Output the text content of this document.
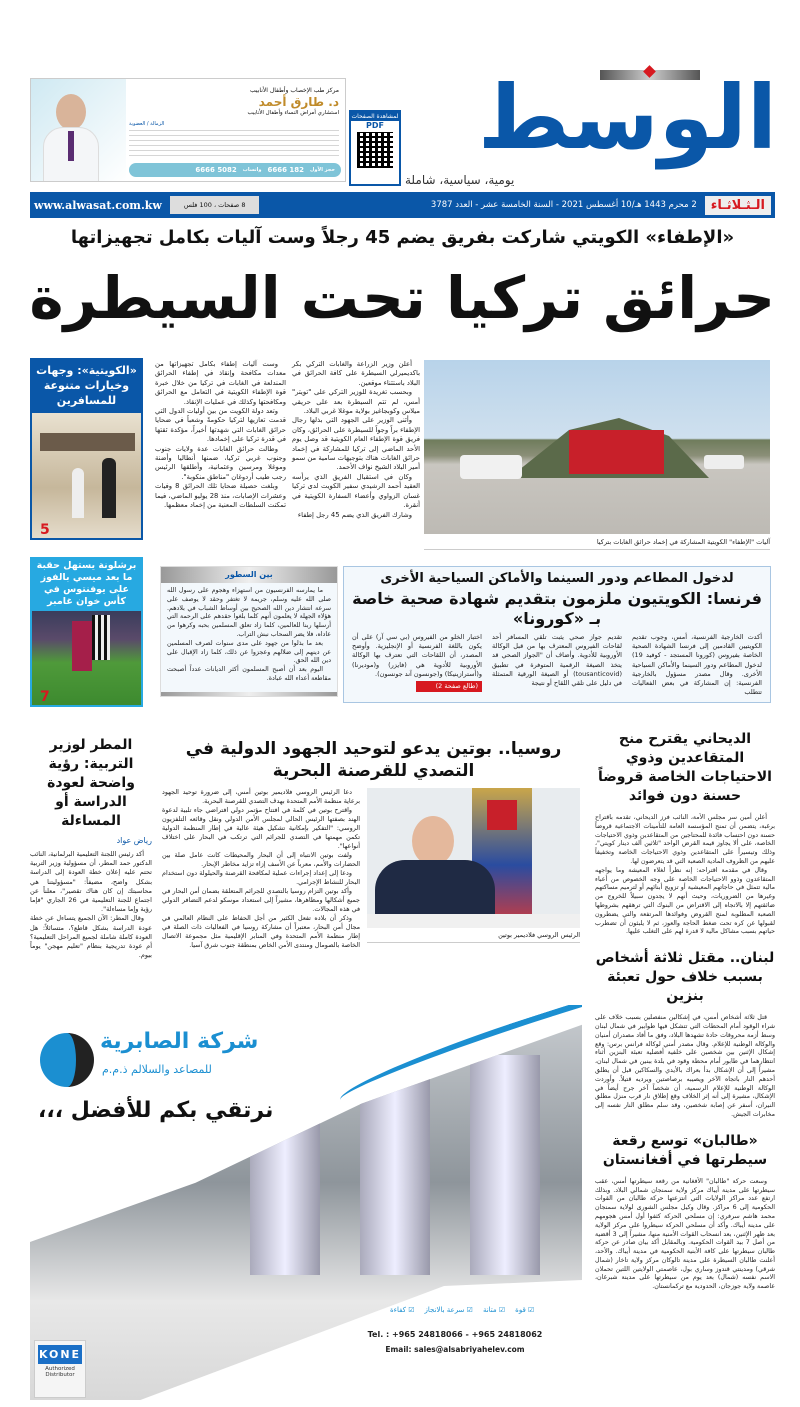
الوسط
يومية، سياسية، شاملة
مركز طب الإخصاب وأطفال الأنابيب
د. طارق أحمد
استشاري أمراض النساء وأطفال الأنابيب
الزمالة / العضوية
حجز الأول
182 6666
واتساب
5082 6666
لمشاهدة الصفحات
PDF
www.alwasat.com.kw	8 صفحات ، 100 فلس	2 محرم 1443 هـ/10 أغسطس 2021 - السنة الخامسة عشر - العدد 3787	الـثـلاثـاء
«الإطفاء» الكويتي شاركت بفريق يضم 45 رجلاً وست آليات بكامل تجهيزاتها
حرائق تركيا تحت السيطرة
آليات "الإطفاء" الكويتية المشاركة في إخماد حرائق الغابات بتركيا

أعلن وزير الزراعة والغابات التركي بكر باكديميرلي السيطرة على كافة الحرائق في البلاد باستثناء موقعين.

وبحسب تغريدة للوزير التركي على "تويتر" أمس، لم تتم السيطرة بعد على حريقي ميلاس وكوبجاغيز بولاية موغلا غربي البلاد.

وأثنى الوزير على الجهود التي بذلها رجال الإطفاء براً وجواً للسيطرة على الحرائق، وكان فريق قوة الإطفاء العام الكويتية قد وصل يوم الأحد الماضي إلى تركيا للمشاركة في إخماد حرائق الغابات هناك بتوجيهات سامية من سمو أمير البلاد الشيخ نواف الأحمد.

وكان في استقبال الفريق الذي يرأسه العقيد أحمد الرشيدي سفير الكويت لدى تركيا غسان الزواوي وأعضاء السفارة الكويتية في أنقرة.

وشارك الفريق الذي يضم 45 رجل إطفاء

وست آليات إطفاء بكامل تجهيزاتها من معدات مكافحة وإنقاذ في إطفاء الحرائق المندلعة في الغابات في تركيا من خلال خبرة قوة الإطفاء الكويتية في التعامل مع الحرائق ومكافحتها وكذلك في عمليات الإنقاذ.

وتعد دولة الكويت من بين أوليات الدول التي قدمت تعازيها لتركيا حكومةً وشعباً في ضحايا حرائق الغابات التي شهدتها أخيراً، مؤكدة ثقتها في قدرة تركيا على إخمادها.

وطالت حرائق الغابات عدة ولايات جنوب وجنوب غربي تركيا، ضمنها أنطاليا وأضنة وموغلا ومرسين وعثمانية، وأطلقها الرئيس رجب طيب أردوغان "مناطق منكوبة".

وبلغت حصيلة ضحايا تلك الحرائق 8 وفيات وعشرات الإصابات، منذ 28 يوليو الماضي، فيما تمكنت السلطات المعنية من إخماد معظمها.

«الكويتية»: وجهات وخيارات متنوعة للمسافرين
5
برشلونة يستهل حقبة ما بعد ميسي بالفوز على يوفنتوس في كأس خوان غامبر
7
بين السطور

ما يمارسه الفرنسيون من استهزاء وهجوم على رسول الله صلى الله عليه وسلم، جريمة لا تغتفر وحقد لا يوصف على سرعة انتشار دين الله الصحيح بين أوساط الشباب في بلادهم. هؤلاء الجهلة لا يعلمون أنهم كلما بلغوا حقدهم على الرحمة التي أرسلها ربنا للعالمين، كلما زاد تعلق المسلمين بحبه وكرهوا من عاداه، فلا يضر السحاب نبش التراب.

بعد ما بذلوا من جهود على مدى سنوات لصرف المسلمين عن دينهم إلى ضلالهم وعجزوا عن ذلك، كلما زاد الإقبال على دين الله الحق.

اليوم بعد أن أصبح المسلمون أكثر الديانات عدداً أصبحت مقاطعة أعداء الله عبادة.

لدخول المطاعم ودور السينما والأماكن السياحية الأخرى
فرنسا: الكويتيون ملزمون بتقديم شهادة صحية خاصة بـ «كورونا»
أكدت الخارجية الفرنسية، أمس، وجوب تقديم الكويتيين القادمين إلى فرنسا الشهادة الصحية الخاصة بفيروس (كورونا المستجد - كوفيد 19) لدخول المطاعم ودور السينما والأماكن السياحية الأخرى. وقال مصدر مسؤول بالخارجية الفرنسية: إن المشاركة في بعض الفعاليات تتطلب
تقديم جواز صحي يثبت تلقي المسافر أحد لقاحات الفيروس المعترف بها من قبل الوكالة الأوروبية للأدوية. وأضاف أن "الجواز الصحي قد يتخذ الصيغة الرقمية المتوفرة في تطبيق (tousanticovid) أو الصيغة الورقية المتمثلة في دليل على تلقي اللقاح أو نتيجة
اختبار الخلو من الفيروس (بي سي آر) على أن يكون باللغة الفرنسية أو الإنجليزية. وأوضح المصدر، أن اللقاحات التي تعترف بها الوكالة الأوروبية للأدوية هي (فايزر) و(موديرنا) و(أسترازينيكا) و(جونسون آند جونسون).
(طالع صفحة 2)
روسيا.. بوتين يدعو لتوحيد الجهود الدولية في التصدي للقرصنة البحرية

دعا الرئيس الروسي فلاديمير بوتين أمس، إلى ضرورة توحيد الجهود برعاية منظمة الأمم المتحدة بهدف التصدي للقرصنة البحرية.

واقترح بوتين في كلمة في افتتاح مؤتمر دولي افتراضي جاء تلبية لدعوة الهند بصفتها الرئيس الحالي لمجلس الأمن الدولي ونقل وقائعه التلفزيون الروسي: "التفكير بإمكانية تشكيل هيئة عالية في إطار المنظمة الدولية تكمن مهمتها في التصدي للجرائم التي ترتكب في البحار على اختلاف أنواعها".

ولفت بوتين الانتباه إلى أن البحار والمحيطات كانت عامل صلة بين الحضارات والأمم، معرباً عن الأسف إزاء تزايد مخاطر الإبحار.

ودعا إلى إعداد إجراءات عملية لمكافحة القرصنة والحيلولة دون استخدام البحار للنشاط الإجرامي.

وأكد بوتين التزام روسيا بالتصدي للجرائم المتعلقة بضمان أمن البحار في جميع أشكالها ومظاهرها، مشيراً إلى استعداد موسكو لدعم التضافر الدولي في هذه المجالات.

وذكر أن بلاده تفعل الكثير من أجل الحفاظ على النظام العالمي في مجال أمن البحار، معتبراً أن مشاركة روسيا في الفعاليات ذات الصلة في إطار منظمة الأمم المتحدة وفي المنابر الإقليمية مثل مجموعة الاتصال الخاصة بالصومال ومنتدى الأمن الخاص بمنطقة جنوب شرق آسيا.

الرئيس الروسي فلاديمير بوتين
المطر لوزير التربية: رؤية واضحة لعودة الدراسة أو المساءلة
رياض عواد

أكد رئيس اللجنة التعليمية البرلمانية، النائب الدكتور حمد المطر، أن مسؤولية وزير التربية تحتم عليه إعلان خطة العودة إلى الدراسة بشكل واضح، مضيفاً: "مسؤوليتنا هي محاسبتك إن كان هناك تقصير"، معلناً عن اجتماع للجنة التعليمية في 26 الجاري "فإما رؤية وإما مساءلة".

وقال المطر: الآن الجميع يتساءل عن خطة عودة الدراسة بشكل قاطع؟، متسائلاً: هل العودة كاملة شاملة لجميع المراحل التعليمية؟ أم عودة تدريجية بنظام "تعليم مهجن" يوماً بيوم.

الديحاني يقترح منح المتقاعدين وذوي الاحتياجات الخاصة قروضاً حسنة دون فوائد

أعلن أمين سر مجلس الأمة، النائب فرز الديحاني، تقدمه باقتراح برغبة، يتضمن أن تمنح المؤسسة العامة للتأمينات الاجتماعية قروضاً حسنة دون احتساب فائدة للمحتاجين من المتقاعدين وذوي الاحتياجات الخاصة، على ألا يجاوز قيمة القرض الواحد "ثلاثين ألف دينار كويتي"، وذلك وتيسيراً على المتقاعدين وذوي الاحتياجات الخاصة وتخفيفاً عليهم من الظروف المادية الصعبة التي قد يتعرضون لها.

وقال في مقدمة اقتراحه: إنه نظراً لغلاء المعيشة وما يواجهه المتقاعدون وذوو الاحتياجات الخاصة على وجه الخصوص من أعباء مالية تتمثل في حاجاتهم المعيشية أو تزويج أبنائهم أو لترميم مساكنهم وغيرها من الضروريات، وحيث أنهم لا يجدون سبيلاً للخروج من ضائقتهم إلا بالاتجاه إلى الاقتراض من البنوك التي ترهقهم بشروطها الصعبة المطلوبة لمنح القروض وفوائدها المرتفعة والتي يضطرون لقبولها عن كره تحت ضغط الحاجة والعوز، ثم لا يلبثون أن تضطرب حياتهم بسبب مشاكل مالية لا قدرة لهم على التغلب عليها.

لبنان.. مقتل ثلاثة أشخاص بسبب خلاف حول تعبئة بنزين

قتل ثلاثة أشخاص أمس، في إشكالين منفصلين بسبب خلاف على شراء الوقود أمام المحطات التي تتشكل فيها طوابير في شمال لبنان وسط أزمة محروقات حادة تشهدها البلاد، وفق ما أفاد مصدران أمنيان والوكالة الوطنية للإعلام. وقال مصدر أمني لوكالة فرانس برس: وقع إشكال الإثنين بين شخصين على خلفية أفضلية تعبئة البنزين أثناء انتظارهما في طابور أمام محطة وقود في بلدة ببنين في شمال لبنان، مشيراً إلى أن الإشكال بدأ بعراك بالأيدي والسكاكين قبل أن يطلق أحدهم النار باتجاه الآخر ويصيبه برصاصتين ويرديه قتيلاً. وأوردت الوكالة الوطنية للإعلام الرسمية، أن شخصاً آخر جرح أيضاً في الإشكال، مشيرة إلى أنه إثر الخلاف وقع إطلاق نار قرب منزل مطلق النيران، أسفر عن إصابة شخصين، وقد سلم مطلق النار نفسه إلى مخابرات الجيش.

«طالبان» توسع رقعة سيطرتها في أفغانستان

وسعت حركة "طالبان" الأفغانية من رقعة سيطرتها أمس، عقب سيطرتها على مدينة أيباك مركز ولاية سمنجان شمالي البلاد. وبذلك ارتفع عدد مراكز الولايات التي انتزعتها حركة طالبان من القوات الحكومية إلى 6 مراكز. وقال وكيل مجلس الشورى لولاية سمنجان محمد هاشم سرفري: إن مسلحي الحركة كثفوا أول أمس هجومهم على مدينة أيباك. وأكد أن مسلحي الحركة سيطروا على مركز الولاية بعد ظهر الإثنين، بعد انسحاب القوات الأمنية منها، مشيراً إلى 3 أقضية من أصل 7 بيد القوات الحكومية. وبالمقابل أكد بيان صادر عن حركة طالبان سيطرتها على كافة الأبنية الحكومية في مدينة أيباك. والأحد، أعلنت طالبان السيطرة على مدينة تالوكان مركز ولاية تاخار (شمال شرقي) ومدينتي قندوز وساري بول، عاصمتي الولايتين اللتين تحملان الاسم نفسه (شمال) بعد يوم من سيطرتها على مدينة شبرغان، عاصمة ولاية جوزجان، الحدودية مع تركمانستان.

شركة الصابرية
للمصاعد والسلالم ذ.م.م
نرتقي بكم للأفضل ،،،
☑ قوة
☑ متانة
☑ سرعة بالانجاز
☑ كفاءة
Tel. : +965 24818066 - +965 24818062
Email: sales@alsabriyahelev.com
KONE
Authorized
Distributor
